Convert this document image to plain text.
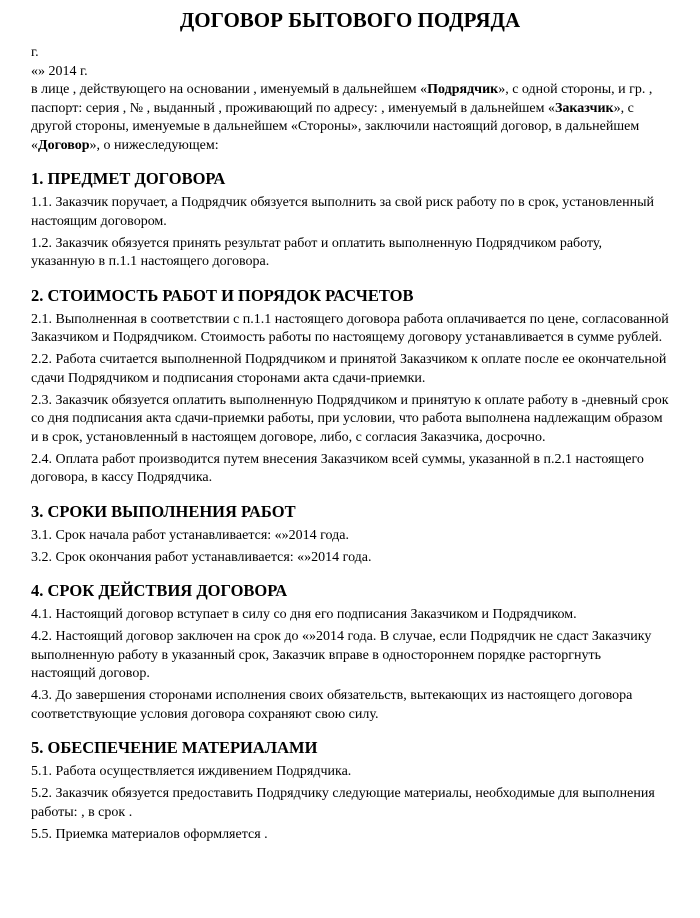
ДОГОВОР БЫТОВОГО ПОДРЯДА
г.
«» 2014 г.
в лице , действующего на основании , именуемый в дальнейшем «Подрядчик», с одной стороны, и гр. , паспорт: серия , № , выданный , проживающий по адресу: , именуемый в дальнейшем «Заказчик», с другой стороны, именуемые в дальнейшем «Стороны», заключили настоящий договор, в дальнейшем «Договор», о нижеследующем:
1. ПРЕДМЕТ ДОГОВОРА

1.1. Заказчик поручает, а Подрядчик обязуется выполнить за свой риск работу по в срок, установленный настоящим договором.

1.2. Заказчик обязуется принять результат работ и оплатить выполненную Подрядчиком работу, указанную в п.1.1 настоящего договора.

2. СТОИМОСТЬ РАБОТ И ПОРЯДОК РАСЧЕТОВ

2.1. Выполненная в соответствии с п.1.1 настоящего договора работа оплачивается по цене, согласованной Заказчиком и Подрядчиком. Стоимость работы по настоящему договору устанавливается в сумме рублей.

2.2. Работа считается выполненной Подрядчиком и принятой Заказчиком к оплате после ее окончательной сдачи Подрядчиком и подписания сторонами акта сдачи-приемки.

2.3. Заказчик обязуется оплатить выполненную Подрядчиком и принятую к оплате работу в -дневный срок со дня подписания акта сдачи-приемки работы, при условии, что работа выполнена надлежащим образом и в срок, установленный в настоящем договоре, либо, с согласия Заказчика, досрочно.

2.4. Оплата работ производится путем внесения Заказчиком всей суммы, указанной в п.2.1 настоящего договора, в кассу Подрядчика.

3. СРОКИ ВЫПОЛНЕНИЯ РАБОТ

3.1. Срок начала работ устанавливается: «»2014 года.

3.2. Срок окончания работ устанавливается: «»2014 года.

4. СРОК ДЕЙСТВИЯ ДОГОВОРА

4.1. Настоящий договор вступает в силу со дня его подписания Заказчиком и Подрядчиком.

4.2. Настоящий договор заключен на срок до «»2014 года. В случае, если Подрядчик не сдаст Заказчику выполненную работу в указанный срок, Заказчик вправе в одностороннем порядке расторгнуть настоящий договор.

4.3. До завершения сторонами исполнения своих обязательств, вытекающих из настоящего договора соответствующие условия договора сохраняют свою силу.

5. ОБЕСПЕЧЕНИЕ МАТЕРИАЛАМИ

5.1. Работа осуществляется иждивением Подрядчика.

5.2. Заказчик обязуется предоставить Подрядчику следующие материалы, необходимые для выполнения работы: , в срок .

5.5. Приемка материалов оформляется .
